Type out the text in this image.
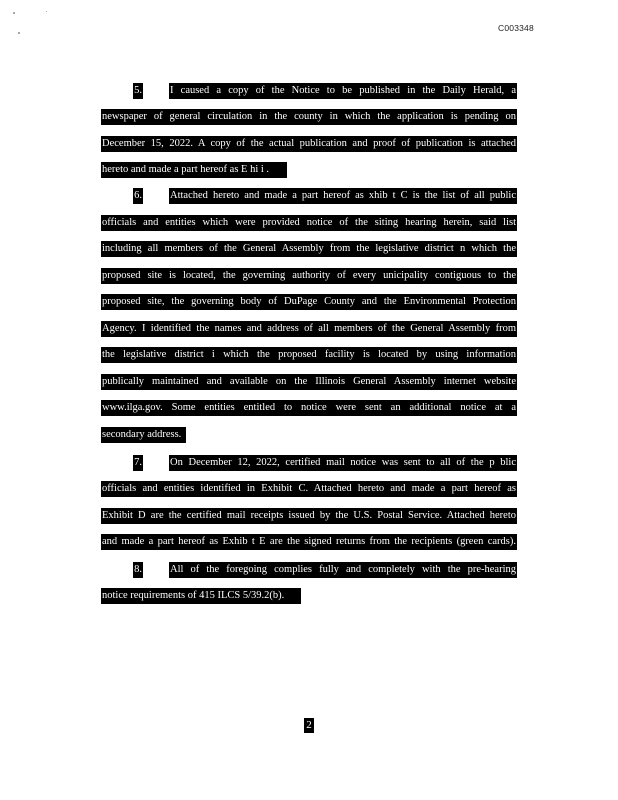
C003348
5.	I caused a copy of the Notice to be published in the Daily Herald, a
newspaper of general circulation in the county in which the application is pending on
December 15, 2022. A copy of the actual publication and proof of publication is attached
hereto and made a part hereof as E hi i .
6.	Attached hereto and made a part hereof as xhib t C is the list of all public
officials and entities which were provided notice of the siting hearing herein, said list
including all members of the General Assembly from the legislative district n which the
proposed site is located, the governing authority of every unicipality contiguous to the
proposed site, the governing body of DuPage County and the Environmental Protection
Agency. I identified the names and address of all members of the General Assembly from
the legislative district i which the proposed facility is located by using information
publically maintained and available on the Illinois General Assembly internet website
www.ilga.gov. Some entities entitled to notice were sent an additional notice at a
secondary address.
7.	On December 12, 2022, certified mail notice was sent to all of the p blic
officials and entities identified in Exhibit C. Attached hereto and made a part hereof as
Exhibit D are the certified mail receipts issued by the U.S. Postal Service. Attached hereto
and made a part hereof as Exhib t E are the signed returns from the recipients (green cards).
8.	All of the foregoing complies fully and completely with the pre-hearing
notice requirements of 415 ILCS 5/39.2(b).
2
